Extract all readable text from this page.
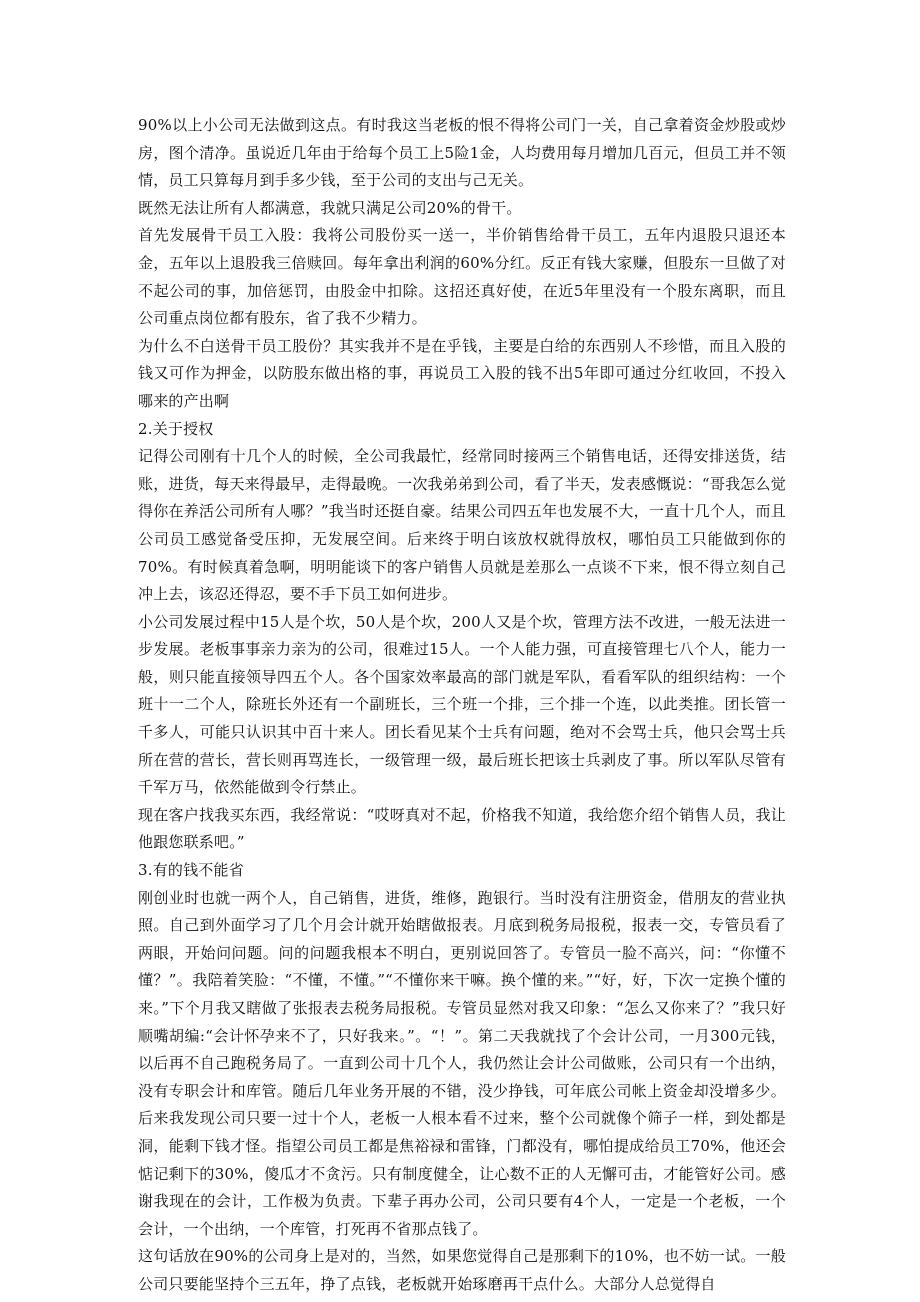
90%以上小公司无法做到这点。有时我这当老板的恨不得将公司门一关，自己拿着资金炒股或炒房，图个清净。虽说近几年由于给每个员工上5险1金，人均费用每月增加几百元，但员工并不领情，员工只算每月到手多少钱，至于公司的支出与己无关。

既然无法让所有人都满意，我就只满足公司20%的骨干。

首先发展骨干员工入股：我将公司股份买一送一，半价销售给骨干员工，五年内退股只退还本金，五年以上退股我三倍赎回。每年拿出利润的60%分红。反正有钱大家赚，但股东一旦做了对不起公司的事，加倍惩罚，由股金中扣除。这招还真好使，在近5年里没有一个股东离职，而且公司重点岗位都有股东，省了我不少精力。

为什么不白送骨干员工股份？其实我并不是在乎钱，主要是白给的东西别人不珍惜，而且入股的钱又可作为押金，以防股东做出格的事，再说员工入股的钱不出5年即可通过分红收回，不投入哪来的产出啊

2.关于授权

记得公司刚有十几个人的时候，全公司我最忙，经常同时接两三个销售电话，还得安排送货，结账，进货，每天来得最早，走得最晚。一次我弟弟到公司，看了半天，发表感慨说：“哥我怎么觉得你在养活公司所有人哪？”我当时还挺自豪。结果公司四五年也发展不大，一直十几个人，而且公司员工感觉备受压抑，无发展空间。后来终于明白该放权就得放权，哪怕员工只能做到你的70%。有时候真着急啊，明明能谈下的客户销售人员就是差那么一点谈不下来，恨不得立刻自己冲上去，该忍还得忍，要不手下员工如何进步。

小公司发展过程中15人是个坎，50人是个坎，200人又是个坎，管理方法不改进，一般无法进一步发展。老板事事亲力亲为的公司，很难过15人。一个人能力强，可直接管理七八个人，能力一般，则只能直接领导四五个人。各个国家效率最高的部门就是军队，看看军队的组织结构：一个班十一二个人，除班长外还有一个副班长，三个班一个排，三个排一个连，以此类推。团长管一千多人，可能只认识其中百十来人。团长看见某个士兵有问题，绝对不会骂士兵，他只会骂士兵所在营的营长，营长则再骂连长，一级管理一级，最后班长把该士兵剥皮了事。所以军队尽管有千军万马，依然能做到令行禁止。

现在客户找我买东西，我经常说：“哎呀真对不起，价格我不知道，我给您介绍个销售人员，我让他跟您联系吧。”

3.有的钱不能省

刚创业时也就一两个人，自己销售，进货，维修，跑银行。当时没有注册资金，借朋友的营业执照。自己到外面学习了几个月会计就开始瞎做报表。月底到税务局报税，报表一交，专管员看了两眼，开始问问题。问的问题我根本不明白，更别说回答了。专管员一脸不高兴，问：“你懂不懂？”。我陪着笑脸：“不懂，不懂。”“不懂你来干嘛。换个懂的来。”“好，好，下次一定换个懂的来。”下个月我又瞎做了张报表去税务局报税。专管员显然对我又印象：“怎么又你来了？”我只好顺嘴胡编:“会计怀孕来不了，只好我来。”。“！”。第二天我就找了个会计公司，一月300元钱，以后再不自己跑税务局了。一直到公司十几个人，我仍然让会计公司做账，公司只有一个出纳，没有专职会计和库管。随后几年业务开展的不错，没少挣钱，可年底公司帐上资金却没增多少。后来我发现公司只要一过十个人，老板一人根本看不过来，整个公司就像个筛子一样，到处都是洞，能剩下钱才怪。指望公司员工都是焦裕禄和雷锋，门都没有，哪怕提成给员工70%，他还会惦记剩下的30%，傻瓜才不贪污。只有制度健全，让心数不正的人无懈可击，才能管好公司。感谢我现在的会计，工作极为负责。下辈子再办公司，公司只要有4个人，一定是一个老板，一个会计，一个出纳，一个库管，打死再不省那点钱了。

这句话放在90%的公司身上是对的，当然，如果您觉得自己是那剩下的10%，也不妨一试。一般公司只要能坚持个三五年，挣了点钱，老板就开始琢磨再干点什么。大部分人总觉得自
